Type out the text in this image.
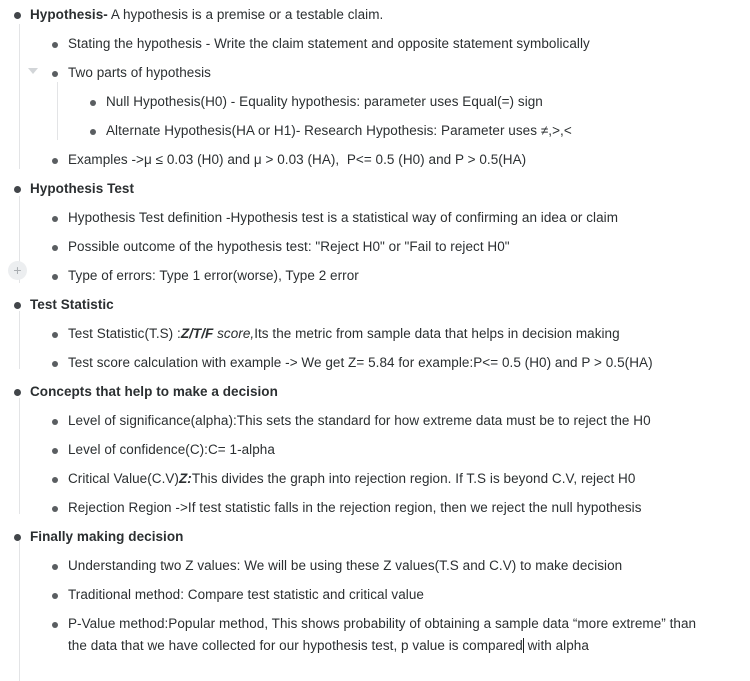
+
Hypothesis- A hypothesis is a premise or a testable claim.
Stating the hypothesis - Write the claim statement and opposite statement symbolically
Two parts of hypothesis
Null Hypothesis(H0) - Equality hypothesis: parameter uses Equal(=) sign
Alternate Hypothesis(HA or H1)- Research Hypothesis: Parameter uses ≠,>,<
Examples ->μ ≤ 0.03 (H0) and μ > 0.03 (HA),  P<= 0.5 (H0) and P > 0.5(HA)
Hypothesis Test
Hypothesis Test definition -Hypothesis test is a statistical way of confirming an idea or claim
Possible outcome of the hypothesis test: "Reject H0" or "Fail to reject H0"
Type of errors: Type 1 error(worse), Type 2 error
Test Statistic
Test Statistic(T.S) :Z/T/F score,Its the metric from sample data that helps in decision making
Test score calculation with example -> We get Z= 5.84 for example:P<= 0.5 (H0) and P > 0.5(HA)
Concepts that help to make a decision
Level of significance(alpha):This sets the standard for how extreme data must be to reject the H0
Level of confidence(C):C= 1-alpha
Critical Value(C.V)Z:This divides the graph into rejection region. If T.S is beyond C.V, reject H0
Rejection Region ->If test statistic falls in the rejection region, then we reject the null hypothesis
Finally making decision
Understanding two Z values: We will be using these Z values(T.S and C.V) to make decision
Traditional method: Compare test statistic and critical value
P-Value method:Popular method, This shows probability of obtaining a sample data “more extreme” than the data that we have collected for our hypothesis test, p value is compared with alpha
